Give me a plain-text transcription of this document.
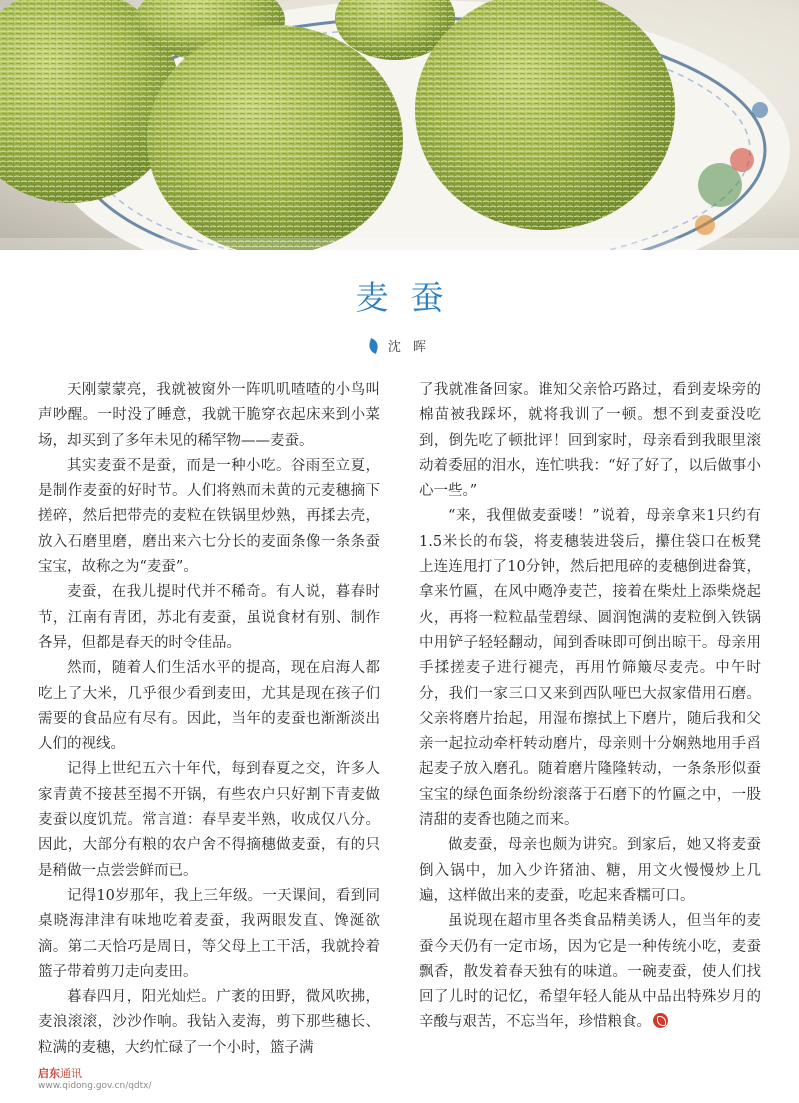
麦蚕
沈 晖

天刚蒙蒙亮，我就被窗外一阵叽叽喳喳的小鸟叫声吵醒。一时没了睡意，我就干脆穿衣起床来到小菜场，却买到了多年未见的稀罕物——麦蚕。

其实麦蚕不是蚕，而是一种小吃。谷雨至立夏，是制作麦蚕的好时节。人们将熟而未黄的元麦穗摘下搓碎，然后把带壳的麦粒在铁锅里炒熟，再揉去壳，放入石磨里磨，磨出来六七分长的麦面条像一条条蚕宝宝，故称之为“麦蚕”。

麦蚕，在我儿提时代并不稀奇。有人说，暮春时节，江南有青团，苏北有麦蚕，虽说食材有别、制作各异，但都是春天的时令佳品。

然而，随着人们生活水平的提高，现在启海人都吃上了大米，几乎很少看到麦田，尤其是现在孩子们需要的食品应有尽有。因此，当年的麦蚕也渐渐淡出人们的视线。

记得上世纪五六十年代，每到春夏之交，许多人家青黄不接甚至揭不开锅，有些农户只好割下青麦做麦蚕以度饥荒。常言道：春旱麦半熟，收成仅八分。因此，大部分有粮的农户舍不得摘穗做麦蚕，有的只是稍做一点尝尝鲜而已。

记得10岁那年，我上三年级。一天课间，看到同桌晓海津津有味地吃着麦蚕，我两眼发直、馋涎欲滴。第二天恰巧是周日，等父母上工干活，我就拎着篮子带着剪刀走向麦田。

暮春四月，阳光灿烂。广袤的田野，微风吹拂，麦浪滚滚，沙沙作响。我钻入麦海，剪下那些穗长、粒满的麦穗，大约忙碌了一个小时，篮子满

了我就准备回家。谁知父亲恰巧路过，看到麦垛旁的棉苗被我踩坏，就将我训了一顿。想不到麦蚕没吃到，倒先吃了顿批评！回到家时，母亲看到我眼里滚动着委屈的泪水，连忙哄我：“好了好了，以后做事小心一些。”

“来，我俚做麦蚕喽！”说着，母亲拿来1只约有1.5米长的布袋，将麦穗装进袋后，攥住袋口在板凳上连连甩打了10分钟，然后把甩碎的麦穗倒进畚箕，拿来竹匾，在风中飏净麦芒，接着在柴灶上添柴烧起火，再将一粒粒晶莹碧绿、圆润饱满的麦粒倒入铁锅中用铲子轻轻翻动，闻到香味即可倒出晾干。母亲用手揉搓麦子进行褪壳，再用竹筛簸尽麦壳。中午时分，我们一家三口又来到西队哑巴大叔家借用石磨。父亲将磨片抬起，用湿布擦拭上下磨片，随后我和父亲一起拉动牵杆转动磨片，母亲则十分娴熟地用手舀起麦子放入磨孔。随着磨片隆隆转动，一条条形似蚕宝宝的绿色面条纷纷滚落于石磨下的竹匾之中，一股清甜的麦香也随之而来。

做麦蚕，母亲也颇为讲究。到家后，她又将麦蚕倒入锅中，加入少许猪油、糖，用文火慢慢炒上几遍，这样做出来的麦蚕，吃起来香糯可口。

虽说现在超市里各类食品精美诱人，但当年的麦蚕今天仍有一定市场，因为它是一种传统小吃，麦蚕飘香，散发着春天独有的味道。一碗麦蚕，使人们找回了儿时的记忆，希望年轻人能从中品出特殊岁月的辛酸与艰苦，不忘当年，珍惜粮食。

启东通讯
www.qidong.gov.cn/qdtx/
